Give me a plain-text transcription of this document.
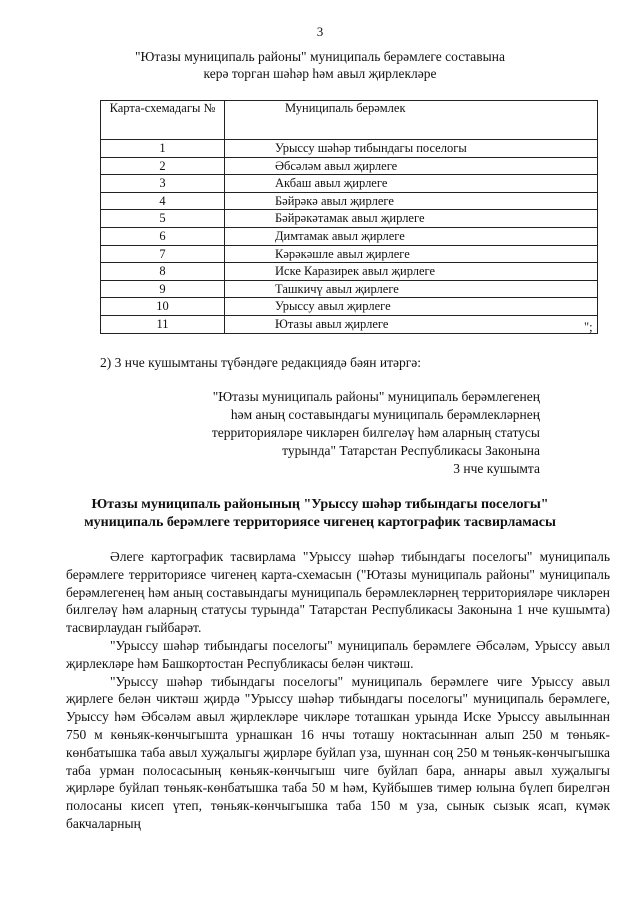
3
"Ютазы муниципаль районы" муниципаль берәмлеге составына
керә торган шәһәр һәм авыл җирлекләре
Карта-схемадагы №	Муниципаль берәмлек
1	Урыссу шәһәр тибындагы поселогы
2	Әбсәләм авыл җирлеге
3	Акбаш авыл җирлеге
4	Бәйрәкә авыл җирлеге
5	Бәйрәкәтамак авыл җирлеге
6	Димтамак авыл җирлеге
7	Кәрәкәшле авыл җирлеге
8	Иске Каразирек авыл җирлеге
9	Ташкичү авыл җирлеге
10	Урыссу авыл җирлеге
11	Ютазы авыл җирлеге	";
2) 3 нче кушымтаны түбәндәге редакциядә бәян итәргә:
"Ютазы муниципаль районы" муниципаль берәмлегенең
һәм аның составындагы муниципаль берәмлекләрнең
территорияләре чикләрен билгеләү һәм аларның статусы
турында" Татарстан Республикасы Законына
3 нче кушымта
Ютазы муниципаль районының "Урыссу шәһәр тибындагы поселогы"
муниципаль берәмлеге территориясе чигенең картографик тасвирламасы

Әлеге картографик тасвирлама "Урыссу шәһәр тибындагы поселогы" муниципаль берәмлеге территориясе чигенең карта-схемасын ("Ютазы муниципаль районы" муниципаль берәмлегенең һәм аның составындагы муниципаль берәмлекләрнең территорияләре чикләрен билгеләү һәм аларның статусы турында" Татарстан Республикасы Законына 1 нче кушымта) тасвирлаудан гыйбарәт.

"Урыссу шәһәр тибындагы поселогы" муниципаль берәмлеге Әбсәләм, Урыссу авыл җирлекләре һәм Башкортостан Республикасы белән чиктәш.

"Урыссу шәһәр тибындагы поселогы" муниципаль берәмлеге чиге Урыссу авыл җирлеге белән чиктәш җирдә "Урыссу шәһәр тибындагы поселогы" муниципаль берәмлеге, Урыссу һәм Әбсәләм авыл җирлекләре чикләре тоташкан урында Иске Урыссу авылыннан 750 м көньяк-көнчыгышта урнашкан 16 нчы тоташу ноктасыннан алып 250 м төньяк-көнбатышка таба авыл хуҗалыгы җирләре буйлап уза, шуннан соң 250 м төньяк-көнчыгышка таба урман полосасының көньяк-көнчыгыш чиге буйлап бара, аннары авыл хуҗалыгы җирләре буйлап төньяк-көнбатышка таба 50 м һәм, Куйбышев тимер юлына бүлеп бирелгән полосаны кисеп үтеп, төньяк-көнчыгышка таба 150 м уза, сынык сызык ясап, күмәк бакчаларның
